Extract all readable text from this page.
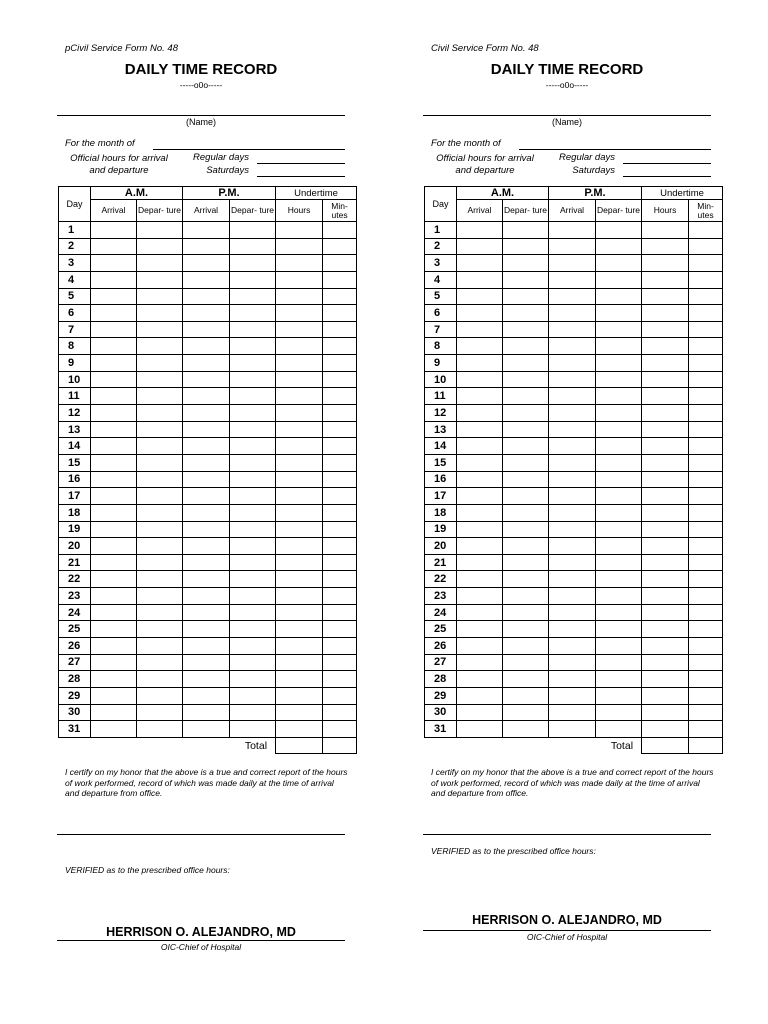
pCivil Service Form No. 48
DAILY TIME RECORD
-----o0o-----
(Name)
For the month of
Official hours for arrival and departure
Regular days
Saturdays
Day	A.M.		P.M.		Undertime	
	Arrival	Depar- ture	Arrival	Depar- ture	Hours	Min- utes
1						
2						
3						
4						
5						
6						
7						
8						
9						
10						
11						
12						
13						
14						
15						
16						
17						
18						
19						
20						
21						
22						
23						
24						
25						
26						
27						
28						
29						
30						
31						
				Total		
I certify on my honor that the above is a true and correct report of the hours of work performed, record of which was made daily at the time of arrival and departure from office.
VERIFIED as to the prescribed office hours:
HERRISON O. ALEJANDRO, MD
OIC-Chief of Hospital
Civil Service Form No. 48
DAILY TIME RECORD
-----o0o-----
(Name)
For the month of
Official hours for arrival and departure
Regular days
Saturdays
Day	A.M.		P.M.		Undertime	
	Arrival	Depar- ture	Arrival	Depar- ture	Hours	Min- utes
1						
2						
3						
4						
5						
6						
7						
8						
9						
10						
11						
12						
13						
14						
15						
16						
17						
18						
19						
20						
21						
22						
23						
24						
25						
26						
27						
28						
29						
30						
31						
				Total		
I certify on my honor that the above is a true and correct report of the hours of work performed, record of which was made daily at the time of arrival and departure from office.
VERIFIED as to the prescribed office hours:
HERRISON O. ALEJANDRO, MD
OIC-Chief of Hospital
